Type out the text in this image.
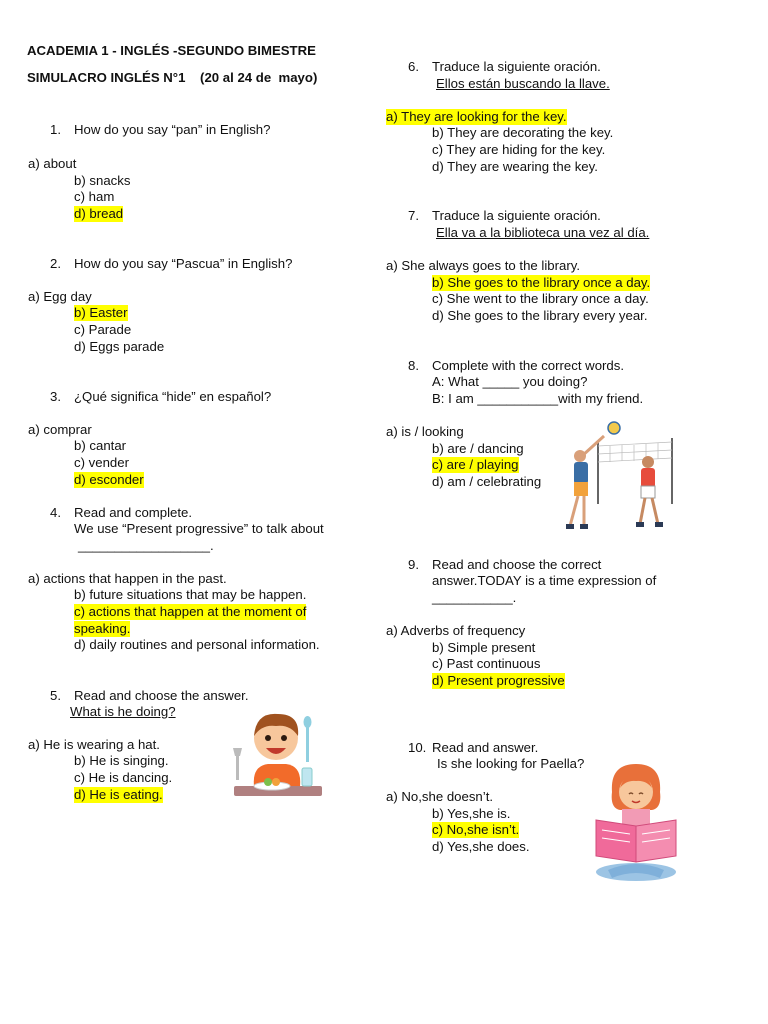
ACADEMIA 1 - INGLÉS -SEGUNDO BIMESTRE
SIMULACRO INGLÉS N°1    (20 al 24 de  mayo)
1. How do you say “pan” in English?
a) about
b) snacks
c) ham
d) bread
2. How do you say “Pascua” in English?
a) Egg day
b) Easter
c) Parade
d) Eggs parade
3. ¿Qué significa “hide” en español?
a) comprar
b) cantar
c) vender
d) esconder
4. Read and complete.
We use “Present progressive” to talk about
__________________.
a) actions that happen in the past.
b) future situations that may be happen.
c) actions that happen at the moment of
speaking.
d) daily routines and personal information.
5. Read and choose the answer.
What is he doing?
a) He is wearing a hat.
b) He is singing.
c) He is dancing.
d) He is eating.
6. Traduce la siguiente oración.
Ellos están buscando la llave.
a) They are looking for the key.
b) They are decorating the key.
c) They are hiding for the key.
d) They are wearing the key.
7. Traduce la siguiente oración.
Ella va a la biblioteca una vez al día.
a) She always goes to the library.
b) She goes to the library once a day.
c) She went to the library once a day.
d) She goes to the library every year.
8. Complete with the correct words.
A: What _____ you doing?
B: I am ___________with my friend.
a) is / looking
b) are / dancing
c) are / playing
d) am / celebrating
9. Read and choose the correct
answer.TODAY is a time expression of
___________.
a) Adverbs of frequency
b) Simple present
c) Past continuous
d) Present progressive
10. Read and answer.
Is she looking for Paella?
a) No,she doesn’t.
b) Yes,she is.
c) No,she isn’t.
d) Yes,she does.
